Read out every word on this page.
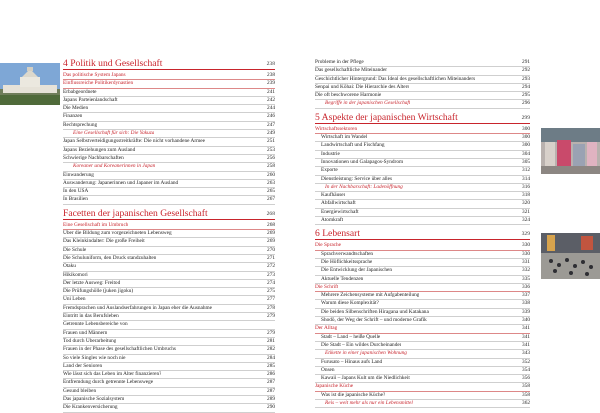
4 Politik und Gesellschaft	238
Das politische System Japans	238
Einflussreiche Politikerdynastien	239
Erbabgeordnete	241
Japans Parteienlandschaft	242
Die Medien	244
Finanzen	246
Rechtsprechung	247
Eine Gesellschaft für sich: Die Yakuza	249
Japan Selbstverteidigungsstreitkräfte: Die nicht vorhandene Armee	251
Japans Beziehungen zum Ausland	253
Schwierige Nachbarschaften	256
Koreaner und Koreanerinnen in Japan	258
Einwanderung	260
Auswanderung: Japanerinnen und Japaner im Ausland	263
In den USA	265
In Brasilien	267
Facetten der japanischen Gesellschaft	268
Eine Gesellschaft im Umbruch	268
Über die Bildung zum vorgezeichneten Lebensweg	269
Das Kleinkindalter: Die große Freiheit	269
Die Schule	270
Die Schuluniform, den Druck standzuhalten	271
Otaku	272
Hikikomori	273
Der letzte Ausweg: Freitod	274
Die Prüfungshölle (juken jigoku)	275
Uni Leben	277
Fremdsprachen und Auslandserfahrungen in Japan eher die Ausnahme	278
Eintritt in das Berufsleben	279
Getrennte Lebensbereiche von
Frauen und Männern	279
Tod durch Überarbeitung	281
Frauen in der Phase des gesellschaftlichen Umbruchs	282
So viele Singles wie noch nie	284
Land der Senioren	285
Wie lässt sich das Leben im Alter finanzieren?	286
Entfremdung durch getrennte Lebenswege	287
Gesund bleiben	287
Das japanische Sozialsystem	289
Die Krankenversicherung	290
Probleme in der Pflege	291
Das gesellschaftliche Miteinander	292
Geschichtlicher Hintergrund: Das Ideal des gesellschaftlichen Miteinanders	293
Senpai und Kōhai: Die Hierarchie des Alters	294
Die oft beschworene Harmonie	295
Begriffe in der japanischen Gesellschaft	296
5 Aspekte der japanischen Wirtschaft	299
Wirtschaftssektoren	300
Wirtschaft im Wandel	300
Landwirtschaft und Fischfang	300
Industrie	304
Innovationen und Galapagos-Syndrom	305
Exporte	312
Dienstleistung: Service über alles	314
In der Nachbarschaft: Ladenöffnung	316
Kaufhäuser	318
Abfallwirtschaft	320
Energiewirtschaft	321
Atomkraft	324
6 Lebensart	329
Die Sprache	330
Sprachverwandtschaften	330
Die Höflichkeitssprache	331
Die Entwicklung der Japanischen	332
Aktuelle Tendenzen	335
Die Schrift	336
Mehrere Zeichensysteme mit Aufgabenteilung	337
Warum diese Komplexität?	338
Die beiden Silbenschriften Hiragana und Katakana	339
Shodō, der Weg der Schrift – und moderne Grafik	340
Der Alltag	341
Stadt – Land – heiße Quelle	341
Die Stadt – Ein wildes Durcheinander	341
Etikette in einer japanischen Wohnung	343
Furusato – Hinaus aufs Land	352
Onsen	354
Kawaii – Japans Kult um die Niedlichkeit	356
Japanische Küche	358
Was ist die japanische Küche?	358
Reis – weit mehr als nur ein Lebensmittel	362
